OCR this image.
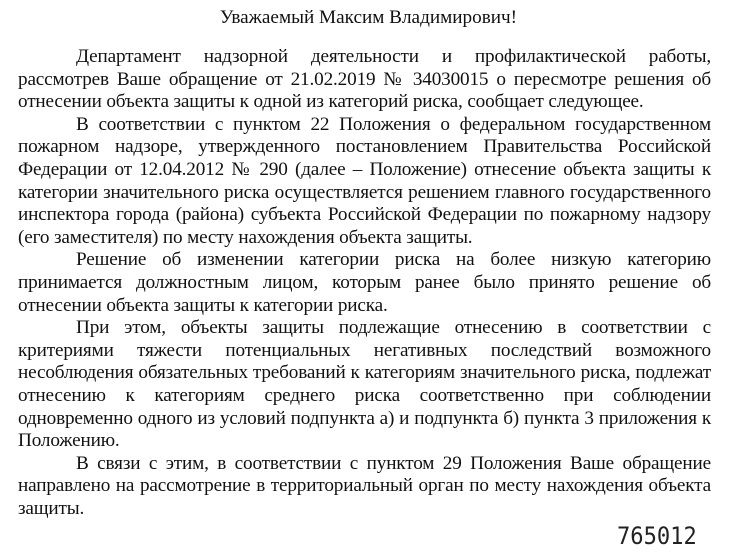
Уважаемый Максим Владимирович!

Департамент надзорной деятельности и профилактической работы, рассмотрев Ваше обращение от 21.02.2019 № 34030015 о пересмотре решения об отнесении объекта защиты к одной из категорий риска, сообщает следующее.

В соответствии с пунктом 22 Положения о федеральном государственном пожарном надзоре, утвержденного постановлением Правительства Российской Федерации от 12.04.2012 № 290 (далее – Положение) отнесение объекта защиты к категории значительного риска осуществляется решением главного государственного инспектора города (района) субъекта Российской Федерации по пожарному надзору (его заместителя) по месту нахождения объекта защиты.

Решение об изменении категории риска на более низкую категорию принимается должностным лицом, которым ранее было принято решение об отнесении объекта защиты к категории риска.

При этом, объекты защиты подлежащие отнесению в соответствии с критериями тяжести потенциальных негативных последствий возможного несоблюдения обязательных требований к категориям значительного риска, подлежат отнесению к категориям среднего риска соответственно при соблюдении одновременно одного из условий подпункта а) и подпункта б) пункта 3 приложения к Положению.

В связи с этим, в соответствии с пунктом 29 Положения Ваше обращение направлено на рассмотрение в территориальный орган по месту нахождения объекта защиты.

765012
